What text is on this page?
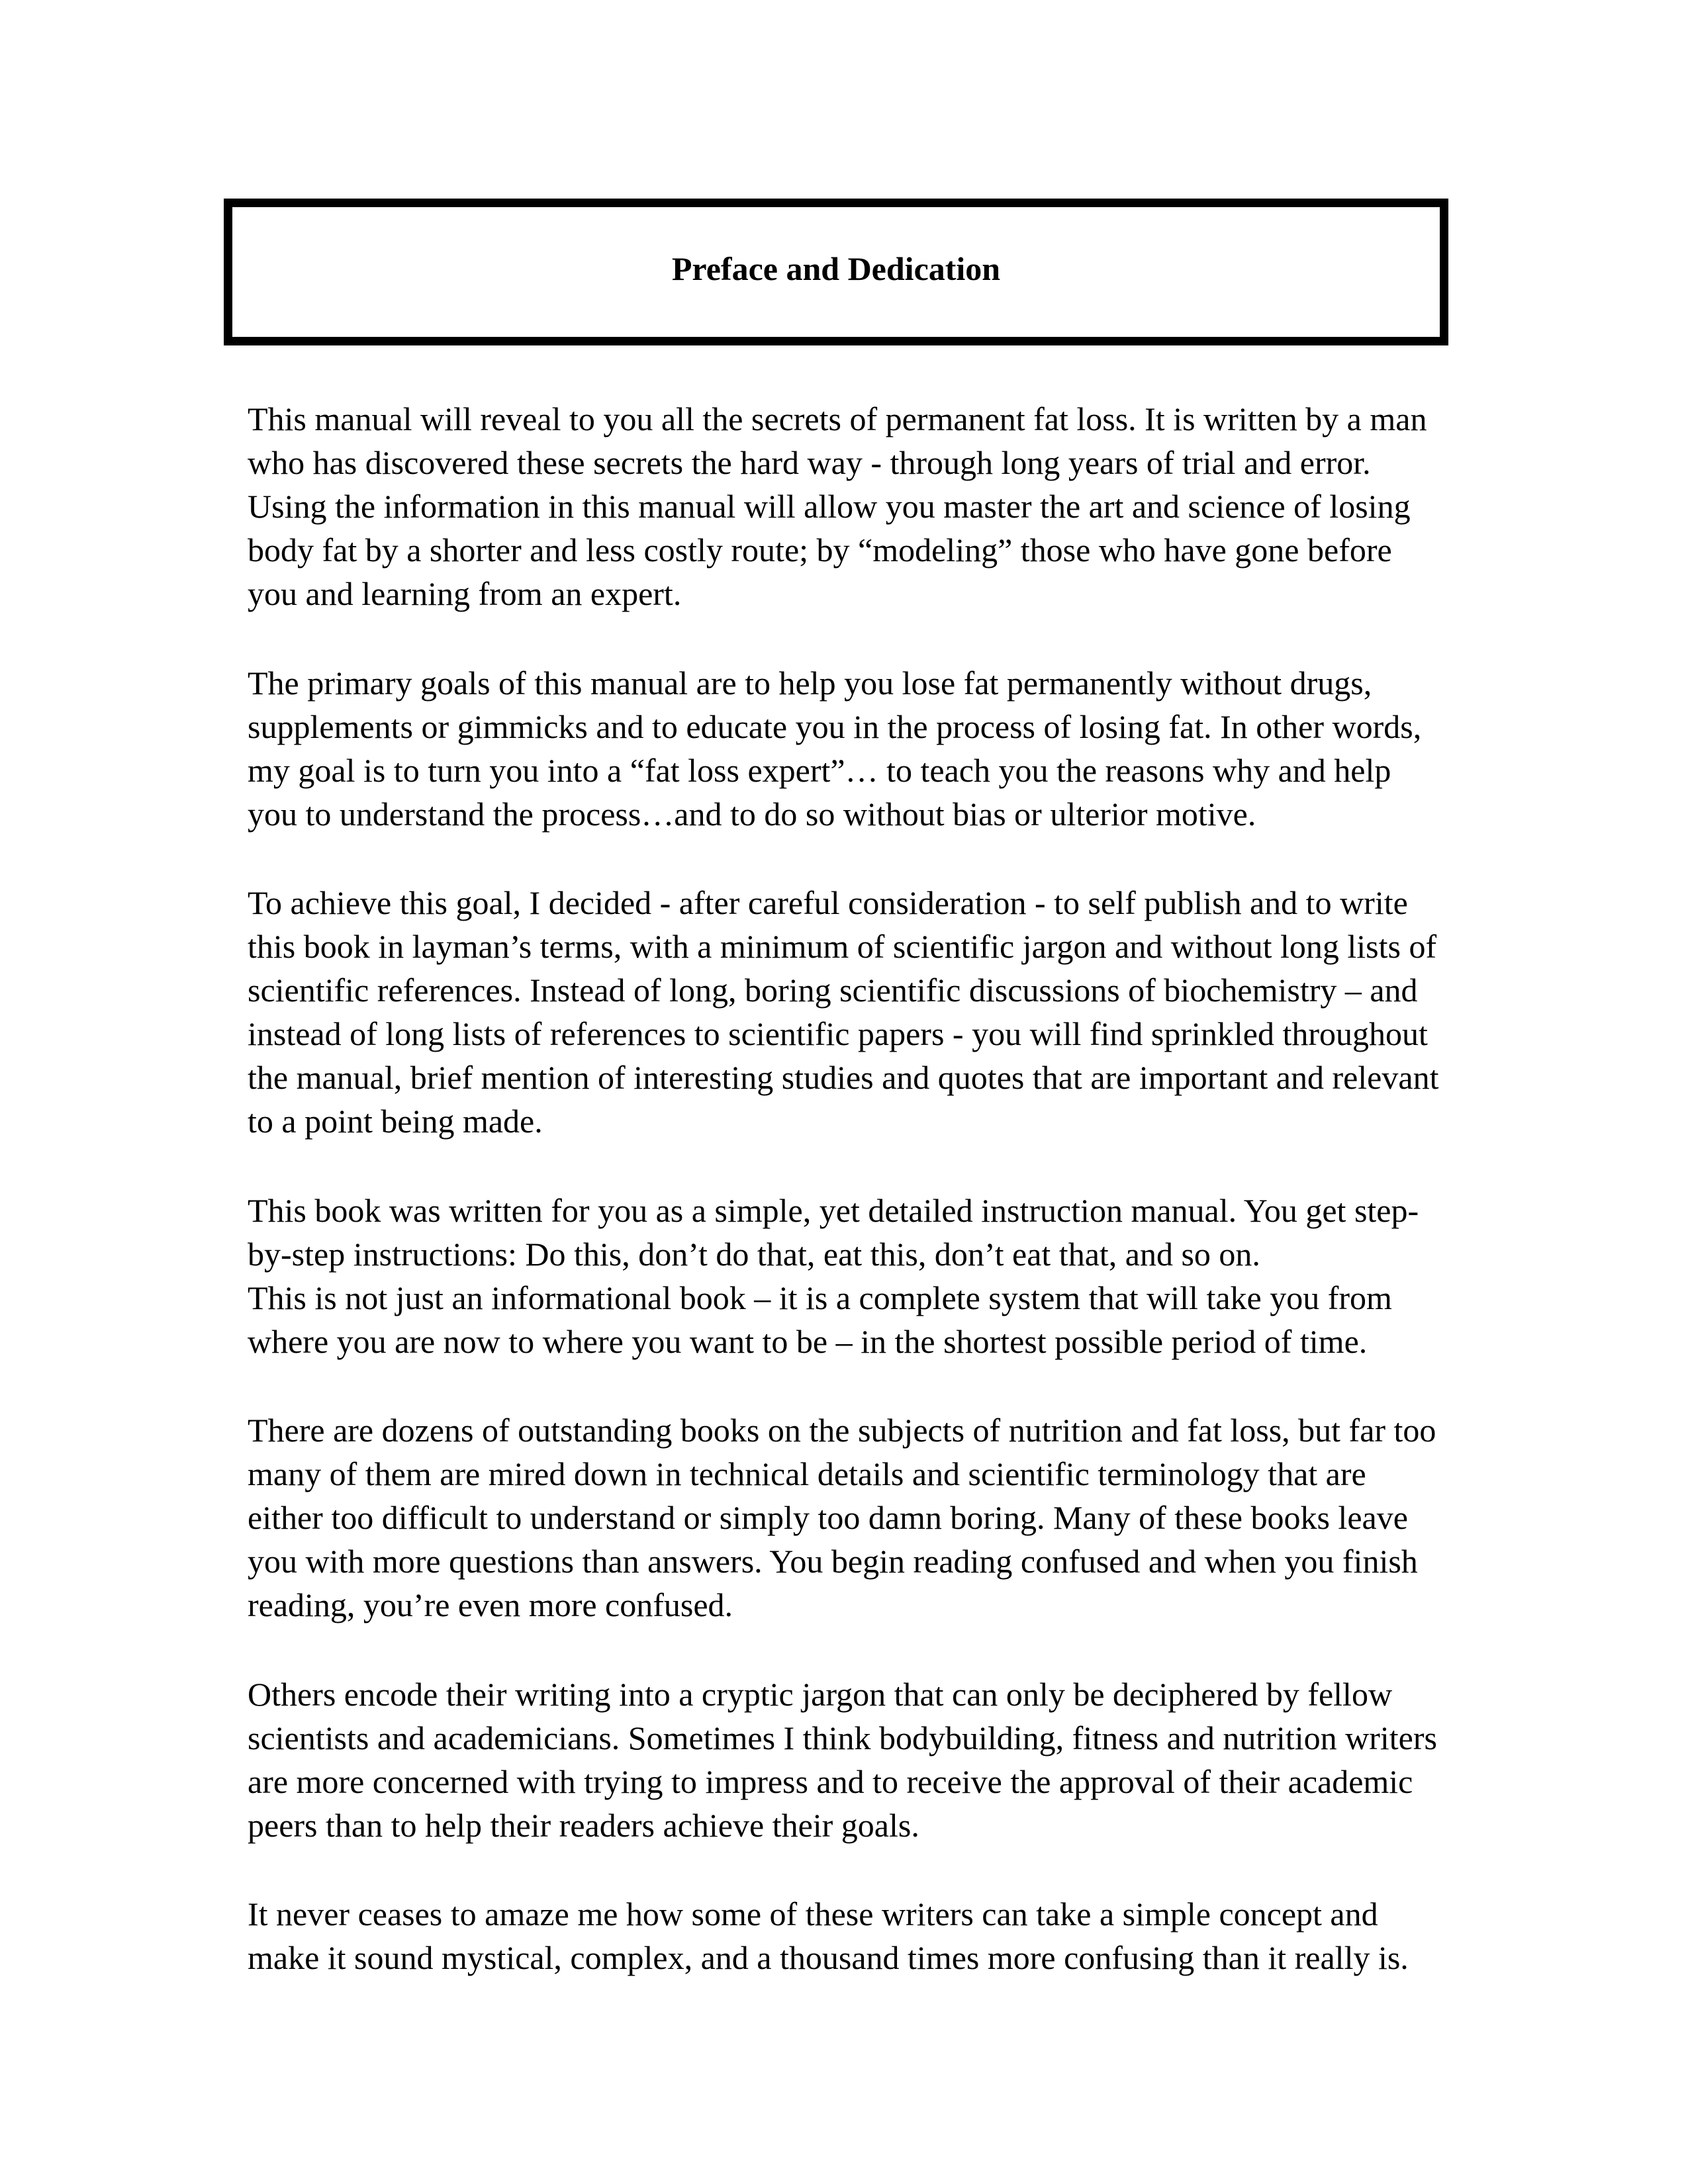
Preface and Dedication
This manual will reveal to you all the secrets of permanent fat loss. It is written by a man
who has discovered these secrets the hard way - through long years of trial and error.
Using the information in this manual will allow you master the art and science of losing
body fat by a shorter and less costly route; by “modeling” those who have gone before
you and learning from an expert.
The primary goals of this manual are to help you lose fat permanently without drugs,
supplements or gimmicks and to educate you in the process of losing fat. In other words,
my goal is to turn you into a “fat loss expert”… to teach you the reasons why and help
you to understand the process…and to do so without bias or ulterior motive.
To achieve this goal, I decided - after careful consideration - to self publish and to write
this book in layman’s terms, with a minimum of scientific jargon and without long lists of
scientific references. Instead of long, boring scientific discussions of biochemistry – and
instead of long lists of references to scientific papers - you will find sprinkled throughout
the manual, brief mention of interesting studies and quotes that are important and relevant
to a point being made.
This book was written for you as a simple, yet detailed instruction manual. You get step-
by-step instructions: Do this, don’t do that, eat this, don’t eat that, and so on.
This is not just an informational book – it is a complete system that will take you from
where you are now to where you want to be – in the shortest possible period of time.
There are dozens of outstanding books on the subjects of nutrition and fat loss, but far too
many of them are mired down in technical details and scientific terminology that are
either too difficult to understand or simply too damn boring. Many of these books leave
you with more questions than answers. You begin reading confused and when you finish
reading, you’re even more confused.
Others encode their writing into a cryptic jargon that can only be deciphered by fellow
scientists and academicians. Sometimes I think bodybuilding, fitness and nutrition writers
are more concerned with trying to impress and to receive the approval of their academic
peers than to help their readers achieve their goals.
It never ceases to amaze me how some of these writers can take a simple concept and
make it sound mystical, complex, and a thousand times more confusing than it really is.
